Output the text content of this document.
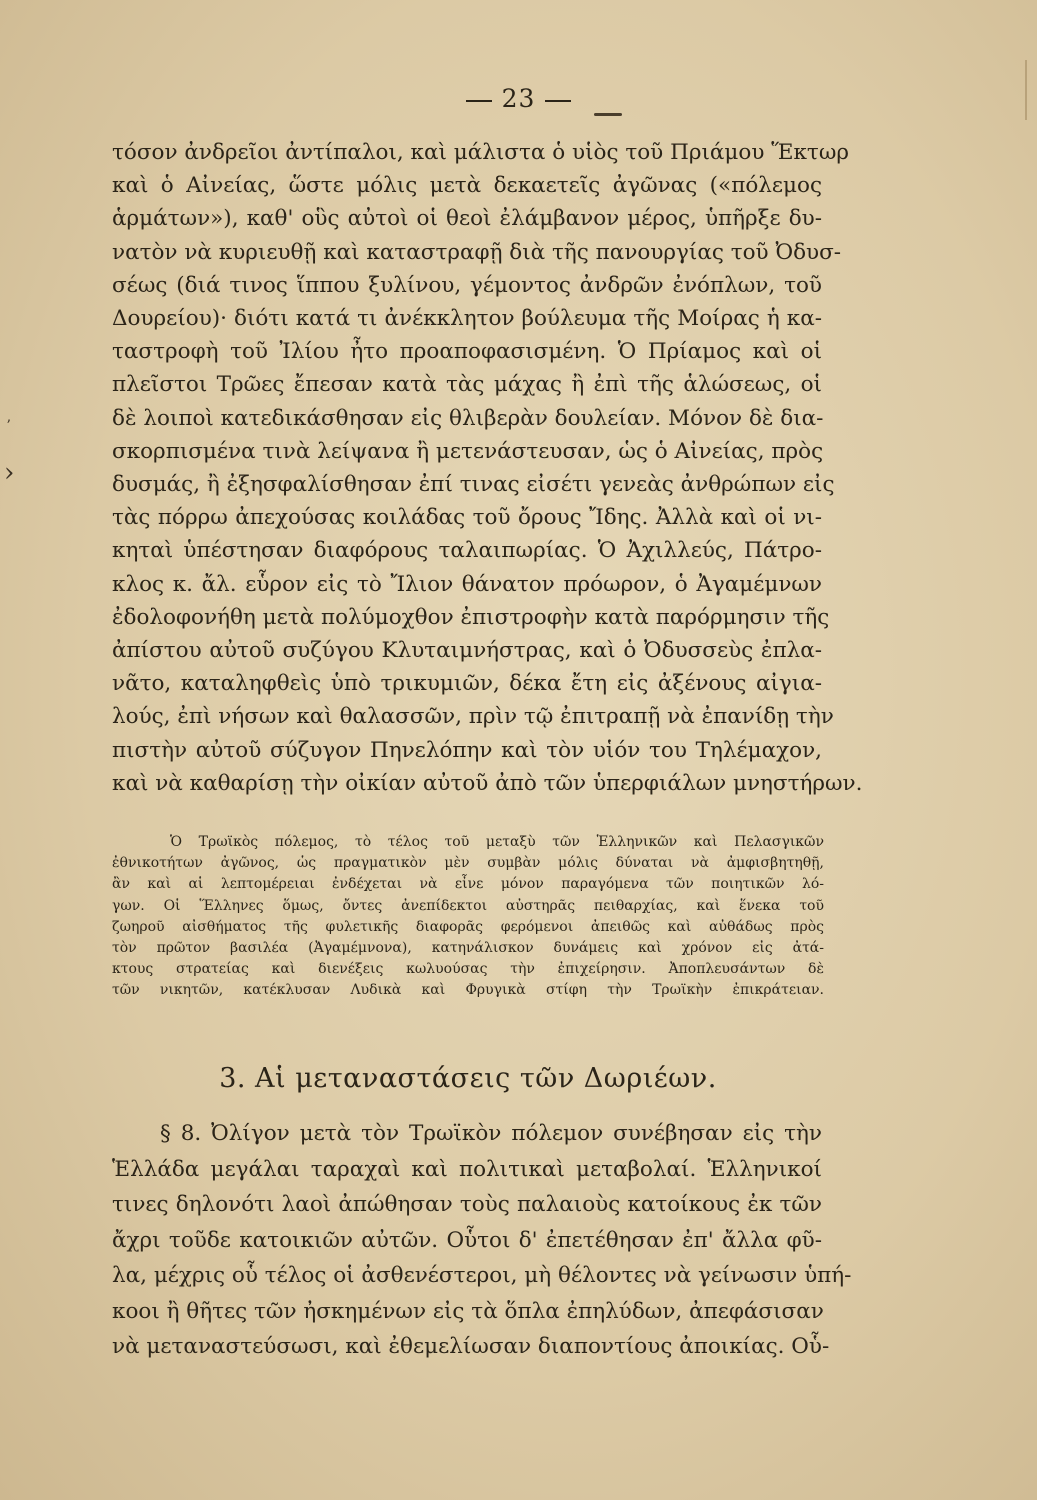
ʼ
›
23
τόσον ἀνδρεῖοι ἀντίπαλοι, καὶ μάλιστα ὁ υἱὸς τοῦ Πριάμου Ἕκτωρ
καὶ ὁ Αἰνείας, ὥστε μόλις μετὰ δεκαετεῖς ἀγῶνας («πόλεμος
ἁρμάτων»), καθ' οὓς αὐτοὶ οἱ θεοὶ ἐλάμβανον μέρος, ὑπῆρξε δυ-
νατὸν νὰ κυριευθῇ καὶ καταστραφῇ διὰ τῆς πανουργίας τοῦ Ὀδυσ-
σέως (διά τινος ἵππου ξυλίνου, γέμοντος ἀνδρῶν ἐνόπλων, τοῦ
Δουρείου)· διότι κατά τι ἀνέκκλητον βούλευμα τῆς Μοίρας ἡ κα-
ταστροφὴ τοῦ Ἰλίου ἦτο προαποφασισμένη. Ὁ Πρίαμος καὶ οἱ
πλεῖστοι Τρῶες ἔπεσαν κατὰ τὰς μάχας ἢ ἐπὶ τῆς ἁλώσεως, οἱ
δὲ λοιποὶ κατεδικάσθησαν εἰς θλιβερὰν δουλείαν. Μόνον δὲ δια-
σκορπισμένα τινὰ λείψανα ἢ μετενάστευσαν, ὡς ὁ Αἰνείας, πρὸς
δυσμάς, ἢ ἐξησφαλίσθησαν ἐπί τινας εἰσέτι γενεὰς ἀνθρώπων εἰς
τὰς πόρρω ἀπεχούσας κοιλάδας τοῦ ὄρους Ἴδης. Ἀλλὰ καὶ οἱ νι-
κηταὶ ὑπέστησαν διαφόρους ταλαιπωρίας. Ὁ Ἀχιλλεύς, Πάτρο-
κλος κ. ἄλ. εὗρον εἰς τὸ Ἴλιον θάνατον πρόωρον, ὁ Ἀγαμέμνων
ἐδολοφονήθη μετὰ πολύμοχθον ἐπιστροφὴν κατὰ παρόρμησιν τῆς
ἀπίστου αὐτοῦ συζύγου Κλυταιμνήστρας, καὶ ὁ Ὀδυσσεὺς ἐπλα-
νᾶτο, καταληφθεὶς ὑπὸ τρικυμιῶν, δέκα ἔτη εἰς ἀξένους αἰγια-
λούς, ἐπὶ νήσων καὶ θαλασσῶν, πρὶν τῷ ἐπιτραπῇ νὰ ἐπανίδῃ τὴν
πιστὴν αὐτοῦ σύζυγον Πηνελόπην καὶ τὸν υἱόν του Τηλέμαχον,
καὶ νὰ καθαρίσῃ τὴν οἰκίαν αὐτοῦ ἀπὸ τῶν ὑπερφιάλων μνηστήρων.
Ὁ Τρωϊκὸς πόλεμος, τὸ τέλος τοῦ μεταξὺ τῶν Ἑλληνικῶν καὶ Πελασγικῶν
ἐθνικοτήτων ἀγῶνος, ὡς πραγματικὸν μὲν συμβὰν μόλις δύναται νὰ ἀμφισβητηθῇ,
ἂν καὶ αἱ λεπτομέρειαι ἐνδέχεται νὰ εἶνε μόνον παραγόμενα τῶν ποιητικῶν λό-
γων. Οἱ Ἕλληνες ὅμως, ὄντες ἀνεπίδεκτοι αὐστηρᾶς πειθαρχίας, καὶ ἕνεκα τοῦ
ζωηροῦ αἰσθήματος τῆς φυλετικῆς διαφορᾶς φερόμενοι ἀπειθῶς καὶ αὐθάδως πρὸς
τὸν πρῶτον βασιλέα (Ἀγαμέμνονα), κατηνάλισκον δυνάμεις καὶ χρόνον εἰς ἀτά-
κτους στρατείας καὶ διενέξεις κωλυούσας τὴν ἐπιχείρησιν. Ἀποπλευσάντων δὲ
τῶν νικητῶν, κατέκλυσαν Λυδικὰ καὶ Φρυγικὰ στίφη τὴν Τρωϊκὴν ἐπικράτειαν.
3. Αἱ μεταναστάσεις τῶν Δωριέων.
§ 8. Ὀλίγον μετὰ τὸν Τρωϊκὸν πόλεμον συνέβησαν εἰς τὴν
Ἑλλάδα μεγάλαι ταραχαὶ καὶ πολιτικαὶ μεταβολαί. Ἑλληνικοί
τινες δηλονότι λαοὶ ἀπώθησαν τοὺς παλαιοὺς κατοίκους ἐκ τῶν
ἄχρι τοῦδε κατοικιῶν αὐτῶν. Οὗτοι δ' ἐπετέθησαν ἐπ' ἄλλα φῦ-
λα, μέχρις οὗ τέλος οἱ ἀσθενέστεροι, μὴ θέλοντες νὰ γείνωσιν ὑπή-
κοοι ἢ θῆτες τῶν ἠσκημένων εἰς τὰ ὅπλα ἐπηλύδων, ἀπεφάσισαν
νὰ μεταναστεύσωσι, καὶ ἐθεμελίωσαν διαποντίους ἀποικίας. Οὗ-
